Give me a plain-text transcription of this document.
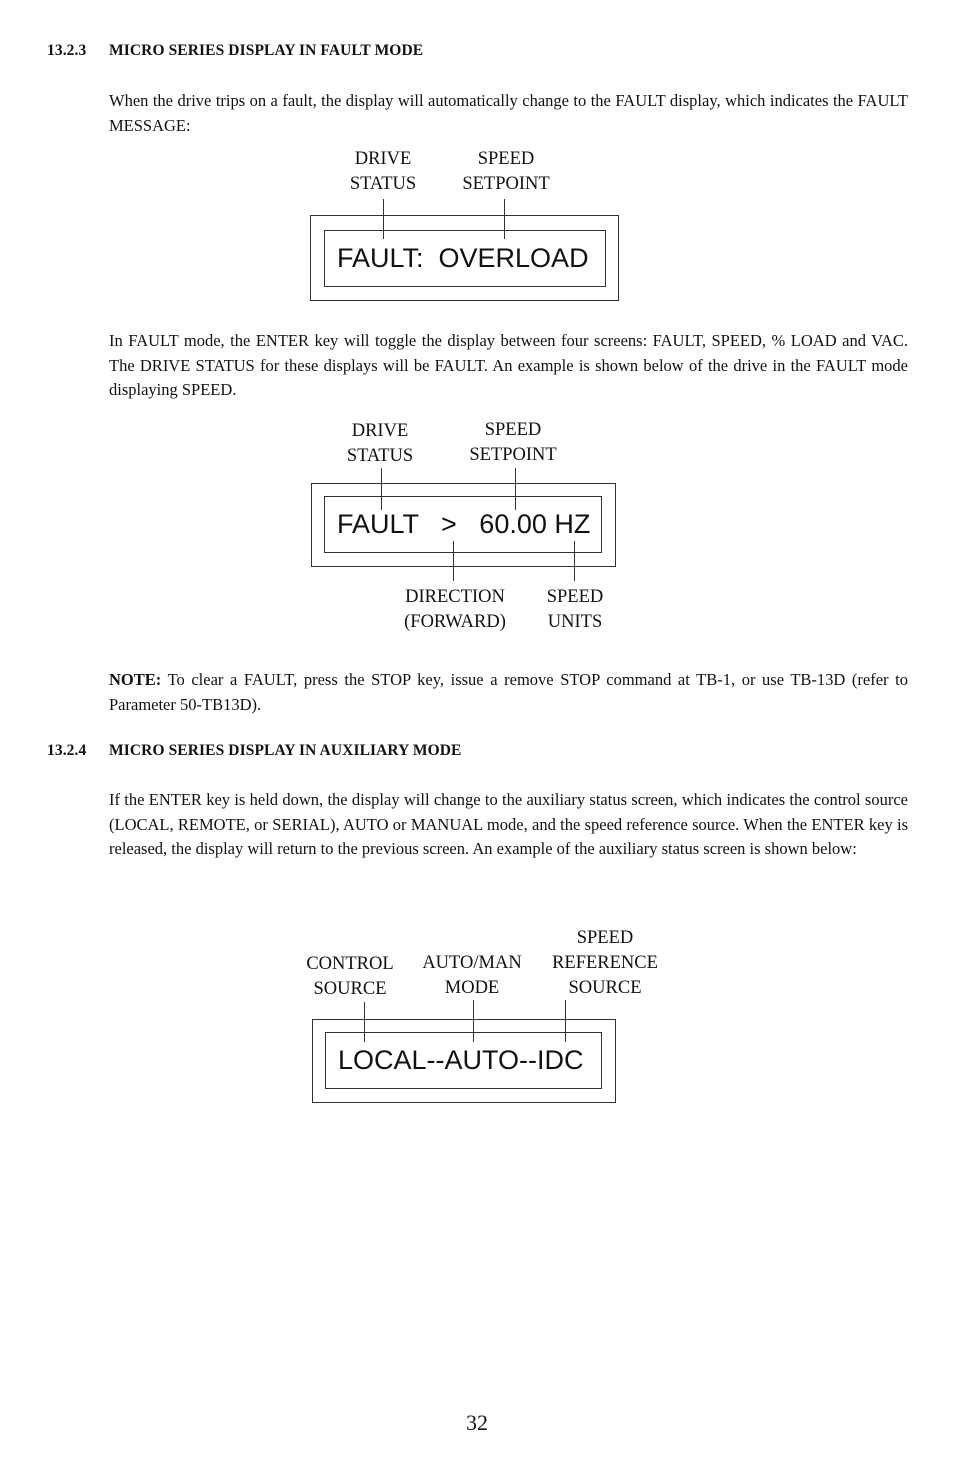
13.2.3 MICRO SERIES DISPLAY IN FAULT MODE

When the drive trips on a fault, the display will automatically change to the FAULT display, which indicates the FAULT MESSAGE:

DRIVE
STATUS
SPEED
SETPOINT
FAULT:  OVERLOAD

In FAULT mode, the ENTER key will toggle the display between four screens: FAULT, SPEED, % LOAD and VAC. The DRIVE STATUS for these displays will be FAULT. An example is shown below of the drive in the FAULT mode displaying SPEED.

DRIVE
STATUS
SPEED
SETPOINT
FAULT   >   60.00 HZ
DIRECTION
(FORWARD)
SPEED
UNITS

NOTE: To clear a FAULT, press the STOP key, issue a remove STOP command at TB-1, or use TB-13D (refer to Parameter 50-TB13D).

13.2.4 MICRO SERIES DISPLAY IN AUXILIARY MODE

If the ENTER key is held down, the display will change to the auxiliary status screen, which indicates the control source (LOCAL, REMOTE, or SERIAL), AUTO or MANUAL mode, and the speed reference source. When the ENTER key is released, the display will return to the previous screen. An example of the auxiliary status screen is shown below:

CONTROL
SOURCE
AUTO/MAN
MODE
SPEED
REFERENCE
SOURCE
LOCAL--AUTO--IDC
32
